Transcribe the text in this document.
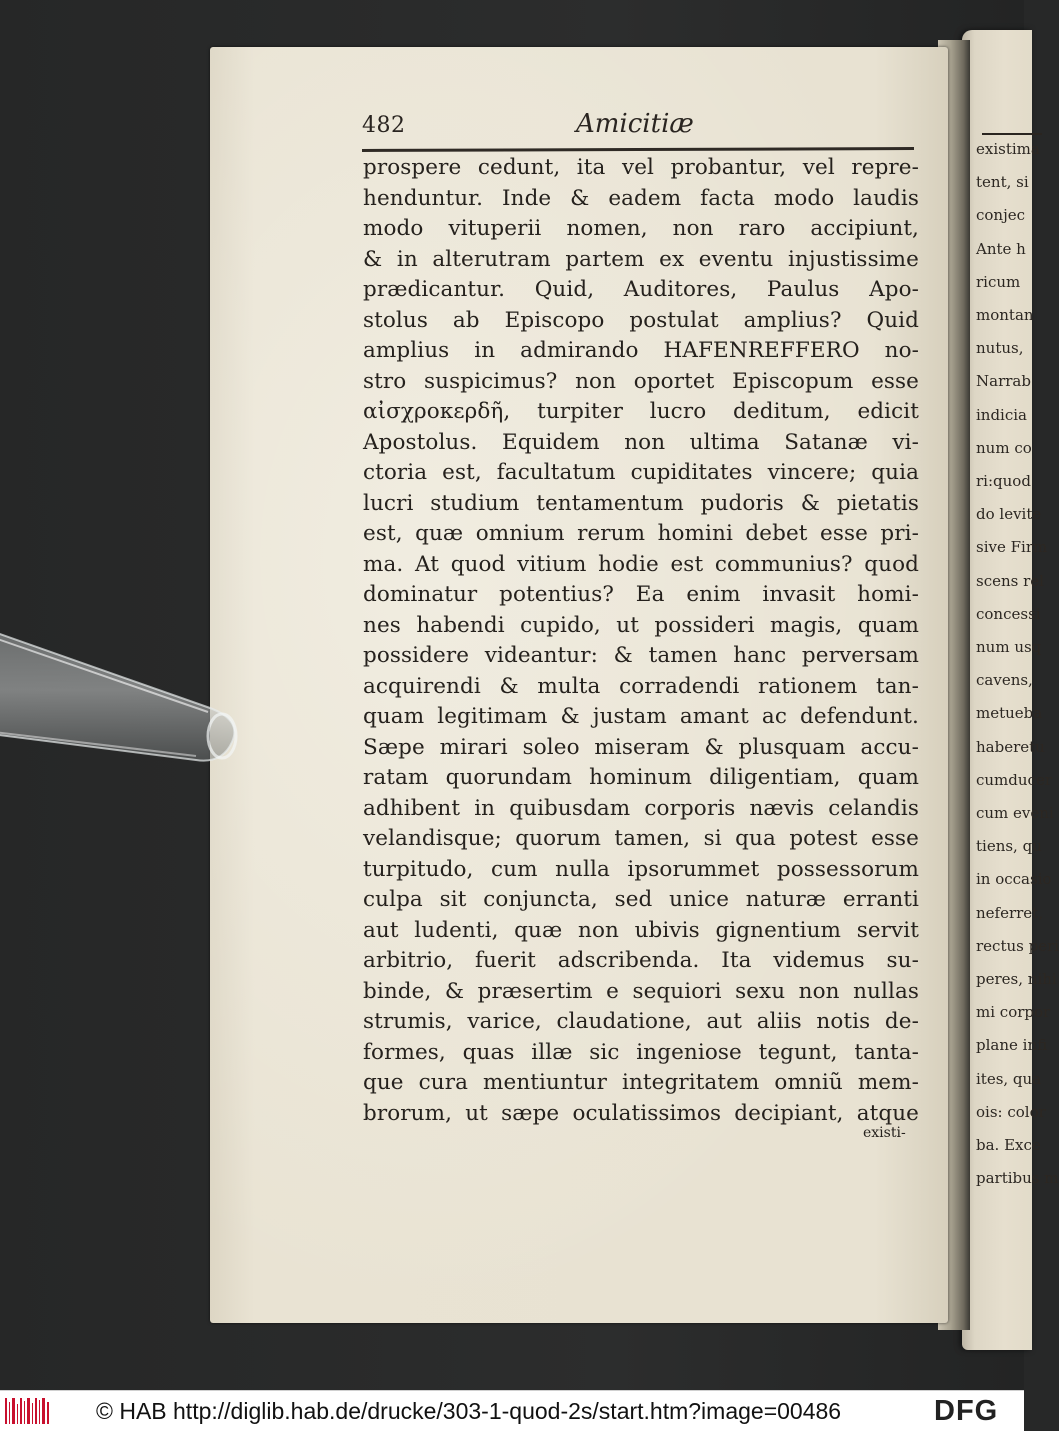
existima
tent, si
conjec
Ante h
ricum
montan
nutus,
Narrab
indicia
num co
ri:quod
do levite
sive Firm
scens rel
concessi
num usq
cavens,
metueba
haberetu
cumducer
cum eveni
tiens, qu
in occasio
neferret,
rectus peri
peres, nihi
mi corpor
plane infi
ites, qua
ois: color
ba. Exce
partibus m
482	Amicitiæ
prospere cedunt, ita vel probantur, vel repre-
henduntur. Inde & eadem facta modo laudis
modo vituperii nomen, non raro accipiunt,
& in alterutram partem ex eventu injustissime
prædicantur. Quid, Auditores, Paulus Apo-
stolus ab Episcopo postulat amplius? Quid
amplius in admirando HAFENREFFERO no-
stro suspicimus? non oportet Episcopum esse
αἰσχροκερδῆ, turpiter lucro deditum, edicit
Apostolus. Equidem non ultima Satanæ vi-
ctoria est, facultatum cupiditates vincere; quia
lucri studium tentamentum pudoris & pietatis
est, quæ omnium rerum homini debet esse pri-
ma. At quod vitium hodie est communius? quod
dominatur potentius? Ea enim invasit homi-
nes habendi cupido, ut possideri magis, quam
possidere videantur: & tamen hanc perversam
acquirendi & multa corradendi rationem tan-
quam legitimam & justam amant ac defendunt.
Sæpe mirari soleo miseram & plusquam accu-
ratam quorundam hominum diligentiam, quam
adhibent in quibusdam corporis nævis celandis
velandisque; quorum tamen, si qua potest esse
turpitudo, cum nulla ipsorummet possessorum
culpa sit conjuncta, sed unice naturæ erranti
aut ludenti, quæ non ubivis gignentium servit
arbitrio, fuerit adscribenda. Ita videmus su-
binde, & præsertim e sequiori sexu non nullas
strumis, varice, claudatione, aut aliis notis de-
formes, quas illæ sic ingeniose tegunt, tanta-
que cura mentiuntur integritatem omniũ mem-
brorum, ut sæpe oculatissimos decipiant, atque
existi-
© HAB http://diglib.hab.de/drucke/303-1-quod-2s/start.htm?image=00486	DFG
